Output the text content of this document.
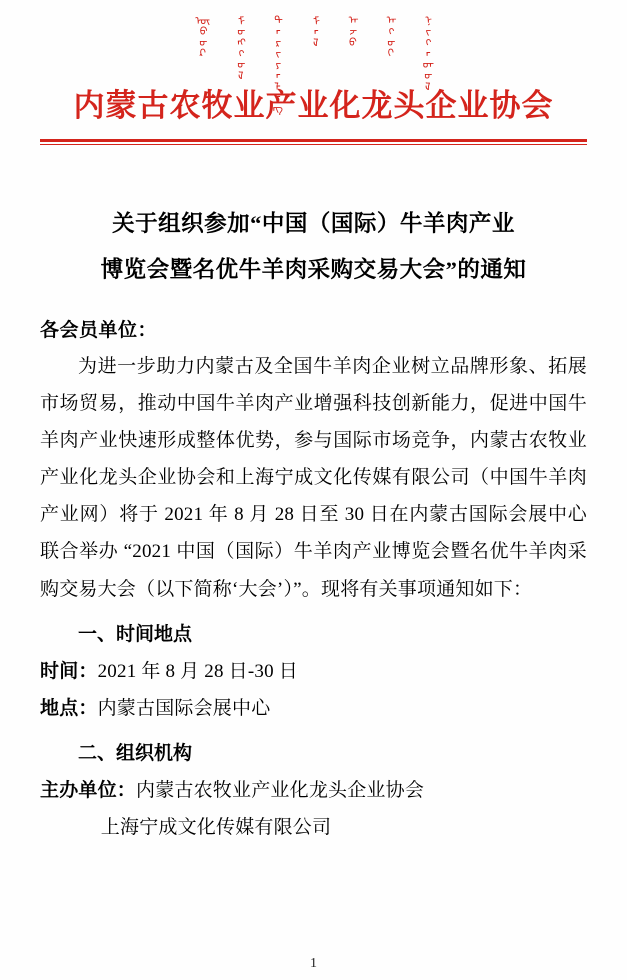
ᠥᠪᠥᠷ ᠮᠣᠩᠭᠣᠯ ᠲᠠᠷᠢᠶᠠᠯᠠᠩ ᠮᠠᠯ ᠠᠵᠤ ᠠᠬᠤᠢ ᠨᠢᠭᠡᠳᠦᠯ
内蒙古农牧业产业化龙头企业协会
关于组织参加“中国（国际）牛羊肉产业
博览会暨名优牛羊肉采购交易大会”的通知
各会员单位：
为进一步助力内蒙古及全国牛羊肉企业树立品牌形象、拓展市场贸易，推动中国牛羊肉产业增强科技创新能力，促进中国牛羊肉产业快速形成整体优势，参与国际市场竞争，内蒙古农牧业产业化龙头企业协会和上海宁成文化传媒有限公司（中国牛羊肉产业网）将于 2021 年 8 月 28 日至 30 日在内蒙古国际会展中心联合举办 “2021 中国（国际）牛羊肉产业博览会暨名优牛羊肉采购交易大会（以下简称‘大会’）”。现将有关事项通知如下：
一、时间地点
时间：2021 年 8 月 28 日-30 日
地点：内蒙古国际会展中心
二、组织机构
主办单位：内蒙古农牧业产业化龙头企业协会
上海宁成文化传媒有限公司
1
